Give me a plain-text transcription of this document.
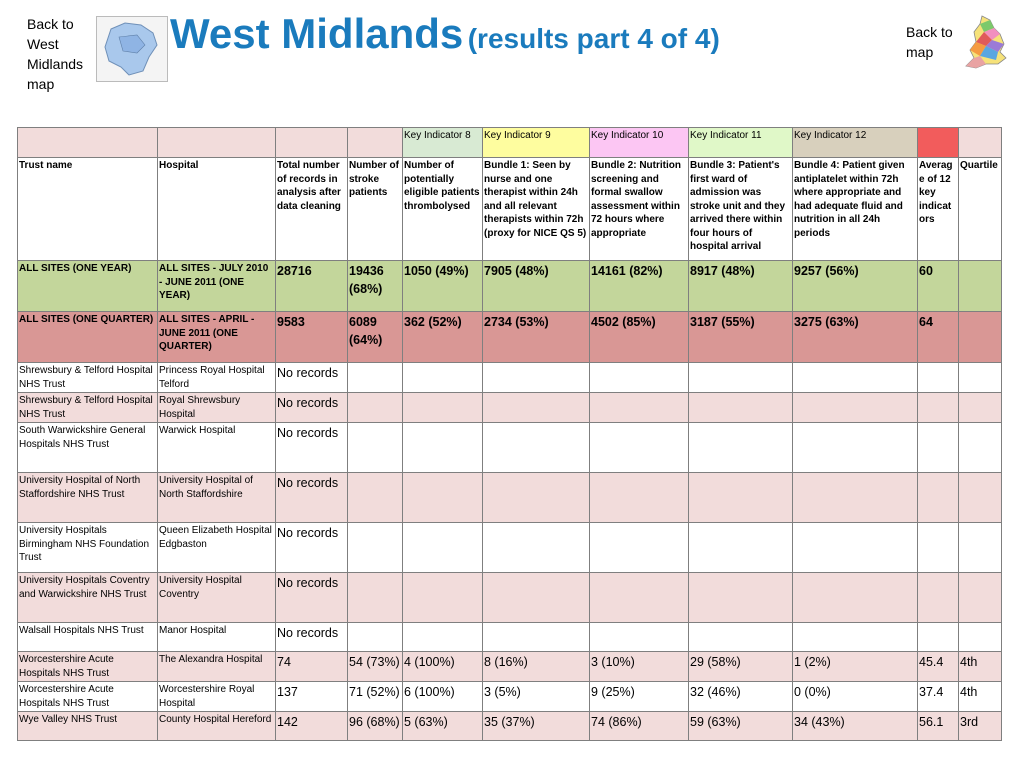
Back to West Midlands map
West Midlands (results part 4 of 4)	Back to map
				Key Indicator 8	Key Indicator 9	Key Indicator 10	Key Indicator 11	Key Indicator 12		
Trust name	Hospital	Total number of records in analysis after data cleaning	Number of stroke patients	Number of potentially eligible patients thrombolysed	Bundle 1: Seen by nurse and one therapist within 24h and all relevant therapists within 72h (proxy for NICE QS 5)	Bundle 2: Nutrition screening and formal swallow assessment within 72 hours where appropriate	Bundle 3: Patient's first ward of admission was stroke unit and they arrived there within four hours of hospital arrival	Bundle 4: Patient given antiplatelet within 72h where appropriate and had adequate fluid and nutrition in all 24h periods	Average of 12 key indicators	Quartile
ALL SITES (ONE YEAR)	ALL SITES - JULY 2010 - JUNE 2011 (ONE YEAR)	28716	19436 (68%)	1050 (49%)	7905 (48%)	14161 (82%)	8917 (48%)	9257 (56%)	60	
ALL SITES (ONE QUARTER)	ALL SITES - APRIL - JUNE 2011 (ONE QUARTER)	9583	6089 (64%)	362 (52%)	2734 (53%)	4502 (85%)	3187 (55%)	3275 (63%)	64	
Shrewsbury & Telford Hospital NHS Trust	Princess Royal Hospital Telford	No records								
Shrewsbury & Telford Hospital NHS Trust	Royal Shrewsbury Hospital	No records								
South Warwickshire General Hospitals NHS Trust	Warwick Hospital	No records								
University Hospital of North Staffordshire NHS Trust	University Hospital of North Staffordshire	No records								
University Hospitals Birmingham NHS Foundation Trust	Queen Elizabeth Hospital Edgbaston	No records								
University Hospitals Coventry and Warwickshire NHS Trust	University Hospital Coventry	No records								
Walsall Hospitals NHS Trust	Manor Hospital	No records								
Worcestershire Acute Hospitals NHS Trust	The Alexandra Hospital	74	54 (73%)	4 (100%)	8 (16%)	3 (10%)	29 (58%)	1 (2%)	45.4	4th
Worcestershire Acute Hospitals NHS Trust	Worcestershire Royal Hospital	137	71 (52%)	6 (100%)	3 (5%)	9 (25%)	32 (46%)	0 (0%)	37.4	4th
Wye Valley NHS Trust	County Hospital Hereford	142	96 (68%)	5 (63%)	35 (37%)	74 (86%)	59 (63%)	34 (43%)	56.1	3rd
